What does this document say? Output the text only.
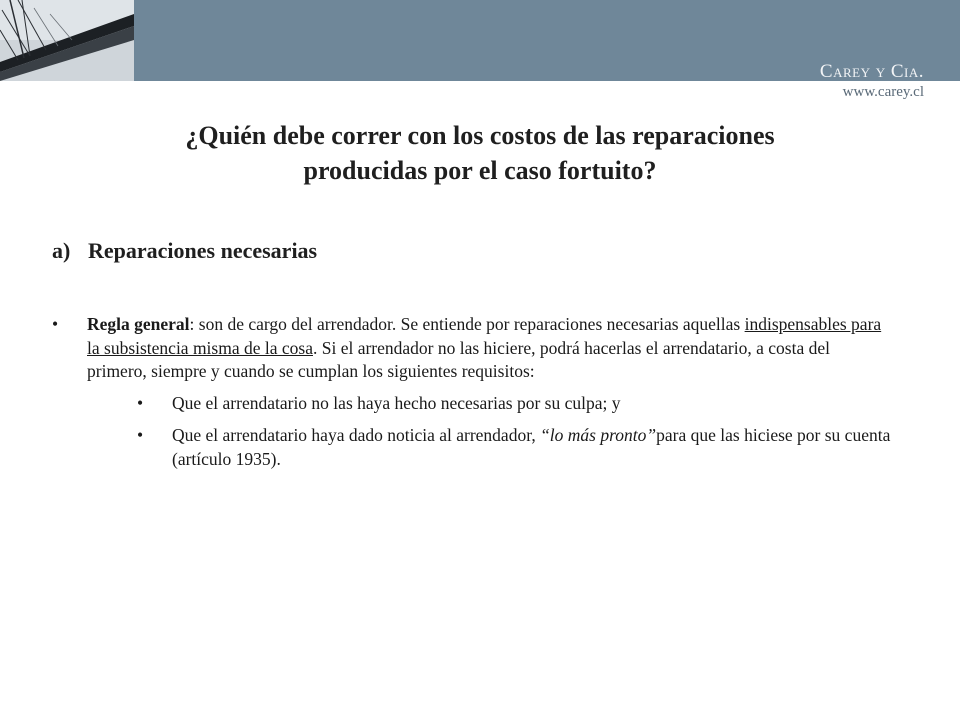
Carey y Cia.
www.carey.cl
¿Quién debe correr con los costos de las reparaciones
producidas por el caso fortuito?
a) Reparaciones necesarias
•	Regla general: son de cargo del arrendador. Se entiende por reparaciones necesarias aquellas indispensables para la subsistencia misma de la cosa. Si el arrendador no las hiciere, podrá hacerlas el arrendatario, a costa del primero, siempre y cuando se cumplan los siguientes requisitos:
•	Que el arrendatario no las haya hecho necesarias por su culpa; y
•	Que el arrendatario haya dado noticia al arrendador, “lo más pronto”para que las hiciese por su cuenta (artículo 1935).
